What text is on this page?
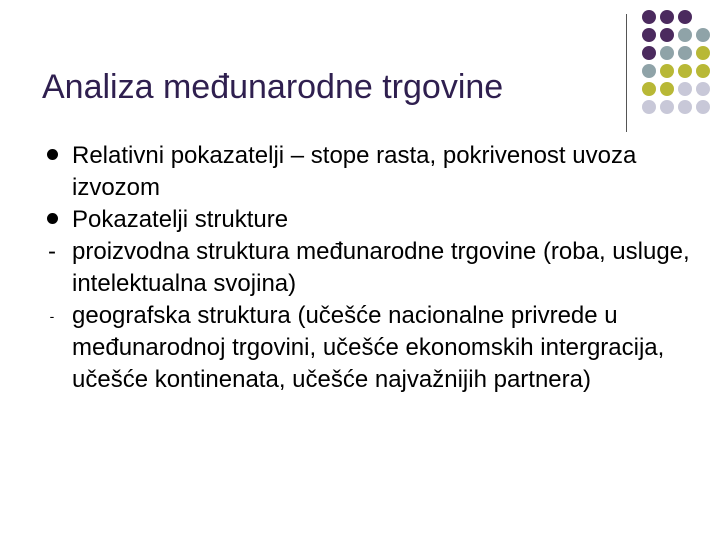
Analiza međunarodne trgovine
Relativni pokazatelji – stope rasta, pokrivenost uvoza izvozom
Pokazatelji strukture
- proizvodna struktura međunarodne trgovine (roba, usluge, intelektualna svojina)
- geografska struktura (učešće nacionalne privrede u međunarodnoj trgovini, učešće ekonomskih intergracija, učešće kontinenata, učešće najvažnijih partnera)
